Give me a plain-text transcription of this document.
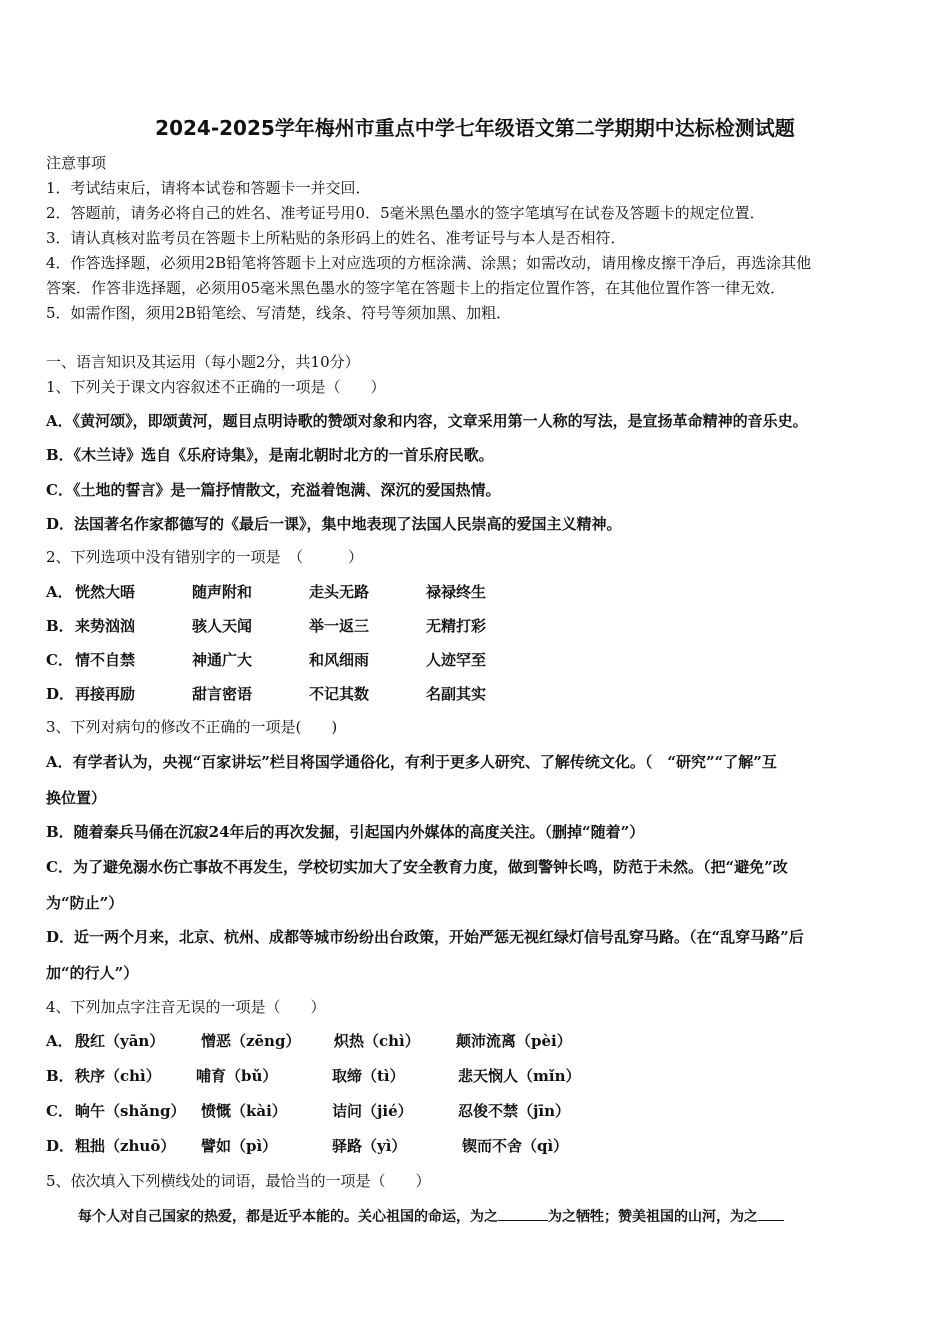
2024-2025学年梅州市重点中学七年级语文第二学期期中达标检测试题
注意事项
1．考试结束后，请将本试卷和答题卡一并交回．
2．答题前，请务必将自己的姓名、准考证号用0．5毫米黑色墨水的签字笔填写在试卷及答题卡的规定位置．
3．请认真核对监考员在答题卡上所粘贴的条形码上的姓名、准考证号与本人是否相符．
4．作答选择题，必须用2B铅笔将答题卡上对应选项的方框涂满、涂黑；如需改动，请用橡皮擦干净后，再选涂其他
答案．作答非选择题，必须用05毫米黑色墨水的签字笔在答题卡上的指定位置作答，在其他位置作答一律无效．
5．如需作图，须用2B铅笔绘、写清楚，线条、符号等须加黑、加粗．
一、语言知识及其运用（每小题2分，共10分）
1、下列关于课文内容叙述不正确的一项是（　　）
A．《黄河颂》，即颂黄河，题目点明诗歌的赞颂对象和内容，文章采用第一人称的写法，是宣扬革命精神的音乐史。
B．《木兰诗》选自《乐府诗集》，是南北朝时北方的一首乐府民歌。
C．《土地的誓言》是一篇抒情散文，充溢着饱满、深沉的爱国热情。
D．法国著名作家都德写的《最后一课》，集中地表现了法国人民崇高的爱国主义精神。
2、下列选项中没有错别字的一项是　（　　　）
A． 恍然大晤	随声附和	走头无路	禄禄终生
B． 来势汹汹	骇人天闻	举一返三	无精打彩
C． 情不自禁	神通广大	和风细雨	人迹罕至
D． 再接再励	甜言密语	不记其数	名副其实
3、下列对病句的修改不正确的一项是(　　)
A．有学者认为，央视“百家讲坛”栏目将国学通俗化，有利于更多人研究、了解传统文化。（　“研究”“了解”互
换位置）
B．随着秦兵马俑在沉寂24年后的再次发掘，引起国内外媒体的高度关注。（删掉“随着”）
C．为了避免溺水伤亡事故不再发生，学校切实加大了安全教育力度，做到警钟长鸣，防范于未然。（把“避免”改
为“防止”）
D．近一两个月来，北京、杭州、成都等城市纷纷出台政策，开始严惩无视红绿灯信号乱穿马路。（在“乱穿马路”后
加“的行人”）
4、下列加点字注音无误的一项是（　　）
A． 殷红（yān） 憎恶（zēng） 炽热（chì） 颠沛流离（pèi）
B． 秩序（chì） 哺育（bǔ）	取缔（tì）	悲天悯人（mǐn）
C． 晌午（shǎng） 愤慨（kài）	诘问（jié）	忍俊不禁（jīn）
D． 粗拙（zhuō） 譬如（pì）	驿路（yì）	锲而不舍（qì）
5、依次填入下列横线处的词语，最恰当的一项是（　　）
每个人对自己国家的热爱，都是近乎本能的。关心祖国的命运，为之	为之牺牲；赞美祖国的山河，为之
